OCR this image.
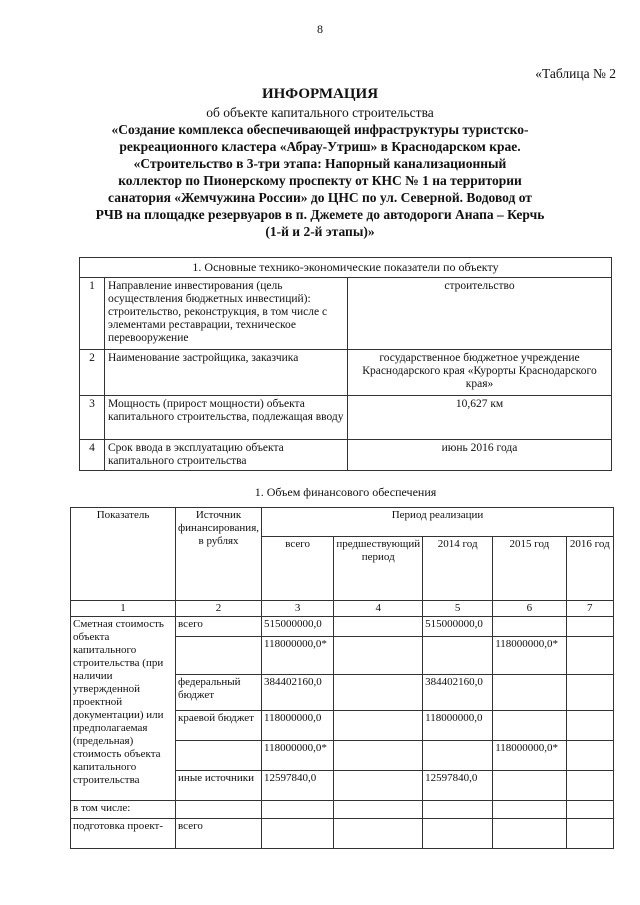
8
«Таблица № 2
ИНФОРМАЦИЯ
об объекте капитального строительства
«Создание комплекса обеспечивающей инфраструктуры туристско-
рекреационного кластера «Абрау-Утриш» в Краснодарском крае.
«Строительство в 3-три этапа: Напорный канализационный
коллектор по Пионерскому проспекту от КНС № 1 на территории
санатория «Жемчужина России» до ЦНС по ул. Северной. Водовод от
РЧВ на площадке резервуаров в п. Джемете до автодороги Анапа – Керчь
(1-й и 2-й этапы)»
1. Основные технико-экономические показатели по объекту		
1	Направление инвестирования (цель осуществления бюджетных инвестиций): строительство, реконструкция, в том числе с элементами реставрации, техническое перевооружение	строительство
2	Наименование застройщика, заказчика	государственное бюджетное учреждение Краснодарского края «Курорты Краснодарского края»
3	Мощность (прирост мощности) объекта капитального строительства, подлежащая вводу	10,627 км
4	Срок ввода в эксплуатацию объекта капитального строительства	июнь 2016 года
1. Объем финансового обеспечения
Показатель	Источник финансирования, в рублях	Период реализации				
		всего	предшествующий период	2014 год	2015 год	2016 год
1	2	3	4	5	6	7
Сметная стоимость объекта капитального строительства (при наличии утвержденной проектной документации) или предполагаемая (предельная) стоимость объекта капитального строительства	всего	515000000,0		515000000,0		
		118000000,0*			118000000,0*	
	федеральный бюджет	384402160,0		384402160,0		
	краевой бюджет	118000000,0		118000000,0		
		118000000,0*			118000000,0*	
	иные источники	12597840,0		12597840,0		
в том числе:						
подготовка проект-	всего					
